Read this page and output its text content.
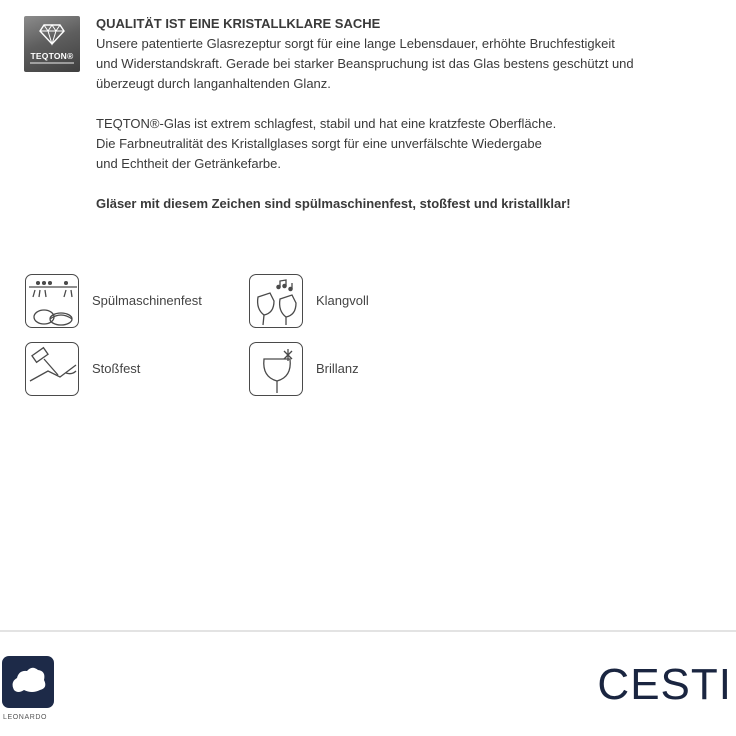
TEQTON®

QUALITÄT IST EINE KRISTALLKLARE SACHE

Unsere patentierte Glasrezeptur sorgt für eine lange Lebensdauer, erhöhte Bruchfestigkeit
und Widerstandskraft. Gerade bei starker Beanspruchung ist das Glas bestens geschützt und
überzeugt durch langanhaltenden Glanz.

TEQTON®-Glas ist extrem schlagfest, stabil und hat eine kratzfeste Oberfläche.
Die Farbneutralität des Kristallglases sorgt für eine unverfälschte Wiedergabe
und Echtheit der Getränkefarbe.

Gläser mit diesem Zeichen sind spülmaschinenfest, stoßfest und kristallklar!

Spülmaschinenfest	Klangvoll
Stoßfest	Brillanz
LEONARDO
CESTI
